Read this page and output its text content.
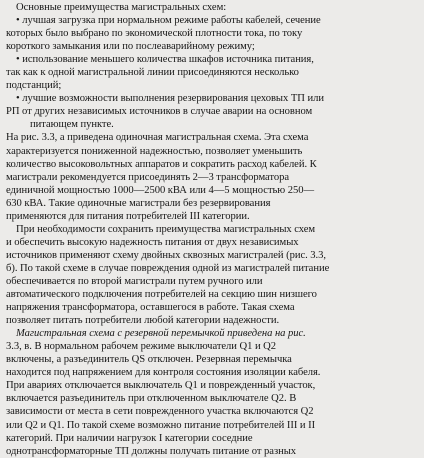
Основные преимущества магистральных схем:
• лучшая загрузка при нормальном режиме работы кабелей, сечение
которых было выбрано по экономической плотности тока, по току
короткого замыкания или по послеаварийному режиму;
• использование меньшего количества шкафов источника питания,
так как к одной магистральной линии присоединяются несколько
подстанций;
• лучшие возможности выполнения резервирования цеховых ТП или
РП от других независимых источников в случае аварии на основном
питающем пункте.
На рис. 3.3, а приведена одиночная магистральная схема. Эта схема
характеризуется пониженной надежностью, позволяет уменьшить
количество высоковольтных аппаратов и сократить расход кабелей. К
магистрали рекомендуется присоединять 2—3 трансформатора
единичной мощностью 1000—2500 кВА или 4—5 мощностью 250—
630 кВА. Такие одиночные магистрали без резервирования
применяются для питания потребителей III категории.
При необходимости сохранить преимущества магистральных схем
и обеспечить высокую надежность питания от двух независимых
источников применяют схему двойных сквозных магистралей (рис. 3.3,
б). По такой схеме в случае повреждения одной из магистралей питание
обеспечивается по второй магистрали путем ручного или
автоматического подключения потребителей на секцию шин низшего
напряжения трансформатора, оставшегося в работе. Такая схема
позволяет питать потребители любой категории надежности.
Магистральная схема с резервной перемычкой приведена на рис.
3.3, в. В нормальном рабочем режиме выключатели Q1 и Q2
включены, а разъединитель QS отключен. Резервная перемычка
находится под напряжением для контроля состояния изоляции кабеля.
При авариях отключается выключатель Q1 и поврежденный участок,
включается разъединитель при отключенном выключателе Q2. В
зависимости от места в сети поврежденного участка включаются Q2
или Q2 и Q1. По такой схеме возможно питание потребителей III и II
категорий. При наличии нагрузок I категории соседние
однотрансформаторные ТП должны получать питание от разных
